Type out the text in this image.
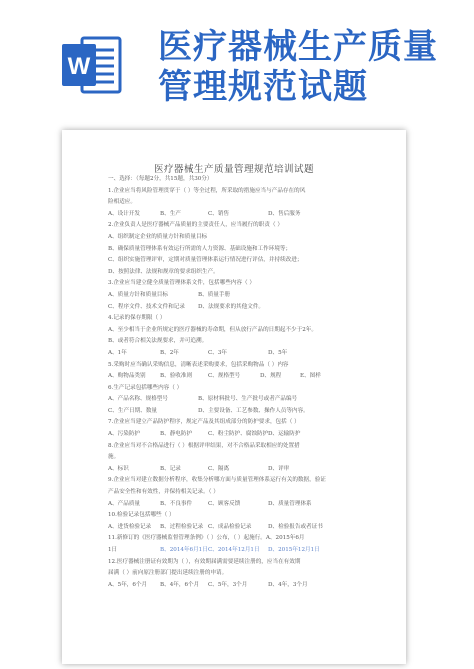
W 医疗器械生产质量
管理规范试题
医疗器械生产质量管理规范培训试题
一、选择：（每题2分，共15题，共30分）
1.企业应当将风险管理贯穿于（ ）等全过程，所采取的措施应当与产品存在的风
险相适应。
A、设计开发	B、生产	C、销售	D、售后服务
2.企业负责人是医疗器械产品质量的主要责任人，应当履行的职责（ ）
A、组织制定企业的质量方针和质量目标
B、确保质量管理体系有效运行所需的人力资源、基础设施和工作环境等；
C、组织实施管理评审，定期对质量管理体系运行情况进行评估，并持续改进；
D、按照法律、法规和规章的要求组织生产。
3.企业应当建立健全质量管理体系文件，包括哪些内容（ ）
A、质量方针和质量目标	B、质量手册
C、程序文件、技术文件和记录	D、法规要求的其他文件。
4.记录的保存期限（ ）
A、至少相当于企业所规定的医疗器械的寿命期，但从放行产品的日期起不少于2年。
B、或者符合相关法规要求，并可追溯。
A、1年	B、2年	C、3年	D、5年
5.采购时应当确认采购信息，清晰表述采购要求，包括采购物品（ ）内容
A、购物品类别	B、验收准则	C、规格型号	D、规程	E、图样
6.生产记录包括哪些内容（ ）
A、产品名称、规格型号	B、原材料批号、生产批号或者产品编号
C、生产日期、数量	D、主要设备、工艺参数、操作人员等内容。
7.企业应当建立产品防护程序，规定产品及其组成部分的防护要求，包括（ ）
A、污染防护	B、静电防护	C、粉尘防护、腐蚀防护 D、运输防护
8.企业应当对不合格品进行（ ）根据评审结果，对不合格品采取相应的处置措
施。
A、标识	B、记录	C、隔离	D、评审
9.企业应当对建立数据分析程序，收集分析哪方面与质量管理体系运行有关的数据，验证
产品安全性和有效性，并保持相关记录。（ ）
A、产品质量	B、不良事件	C、顾客反馈	D、质量管理体系
10.检验记录包括哪些（ ）
A、进货检验记录	B、过程检验记录 C、成品检验记录	D、检验报告或者证书
11.新修订的《医疗器械监督管理条例》（ ）公布，（ ）起施行。A、2015年6月
1日	B、2014年6月1日 C、2014年12月1日	D、2015年12月1日
12.医疗器械注册证有效期为（ ），有效期届满需要延续注册的，应当在有效期
届满（ ）前向原注册部门提出延续注册的申请。
A、5年，6个月	B、4年，6个月	C、5年，3个月	D、4年，3个月
